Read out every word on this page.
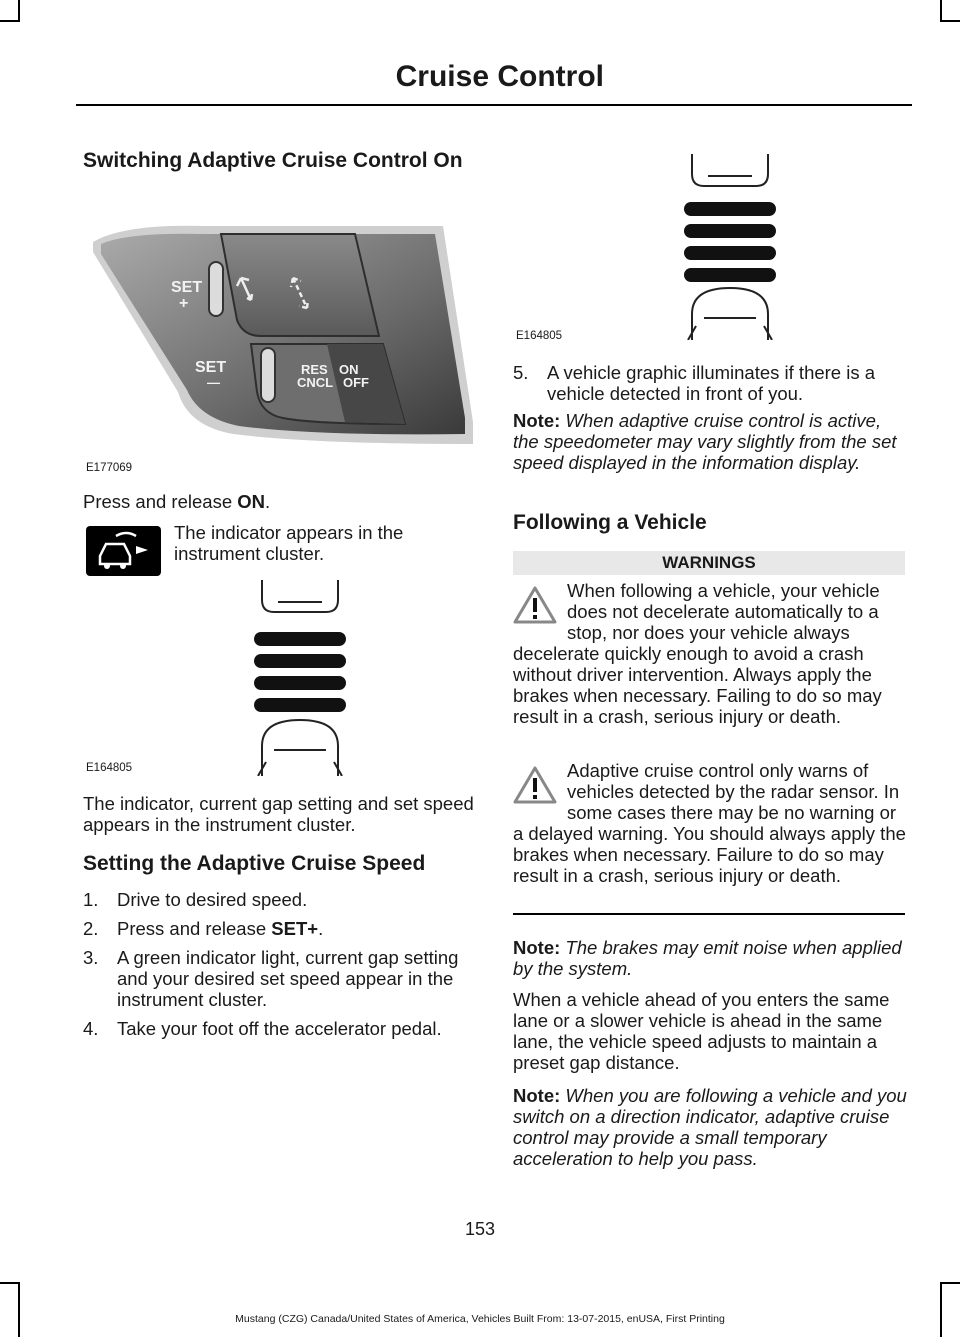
Cruise Control
Switching Adaptive Cruise Control On
SET
+
SET
—
RES
CNCL
ON
OFF
E177069

Press and release ON.

The indicator appears in the instrument cluster.

E164805

The indicator, current gap setting and set speed appears in the instrument cluster.

Setting the Adaptive Cruise Speed
1. Drive to desired speed.
2. Press and release SET+.
3. A green indicator light, current gap setting and your desired set speed appear in the instrument cluster.
4. Take your foot off the accelerator pedal.
E164805
5. A vehicle graphic illuminates if there is a vehicle detected in front of you.

Note: When adaptive cruise control is active, the speedometer may vary slightly from the set speed displayed in the information display.

Following a Vehicle
WARNINGS

When following a vehicle, your vehicle does not decelerate automatically to a stop, nor does your vehicle always decelerate quickly enough to avoid a crash without driver intervention. Always apply the brakes when necessary. Failing to do so may result in a crash, serious injury or death.

Adaptive cruise control only warns of vehicles detected by the radar sensor. In some cases there may be no warning or a delayed warning. You should always apply the brakes when necessary. Failure to do so may result in a crash, serious injury or death.

Note: The brakes may emit noise when applied by the system.

When a vehicle ahead of you enters the same lane or a slower vehicle is ahead in the same lane, the vehicle speed adjusts to maintain a preset gap distance.

Note: When you are following a vehicle and you switch on a direction indicator, adaptive cruise control may provide a small temporary acceleration to help you pass.

153
Mustang (CZG) Canada/United States of America, Vehicles Built From: 13-07-2015, enUSA, First Printing
